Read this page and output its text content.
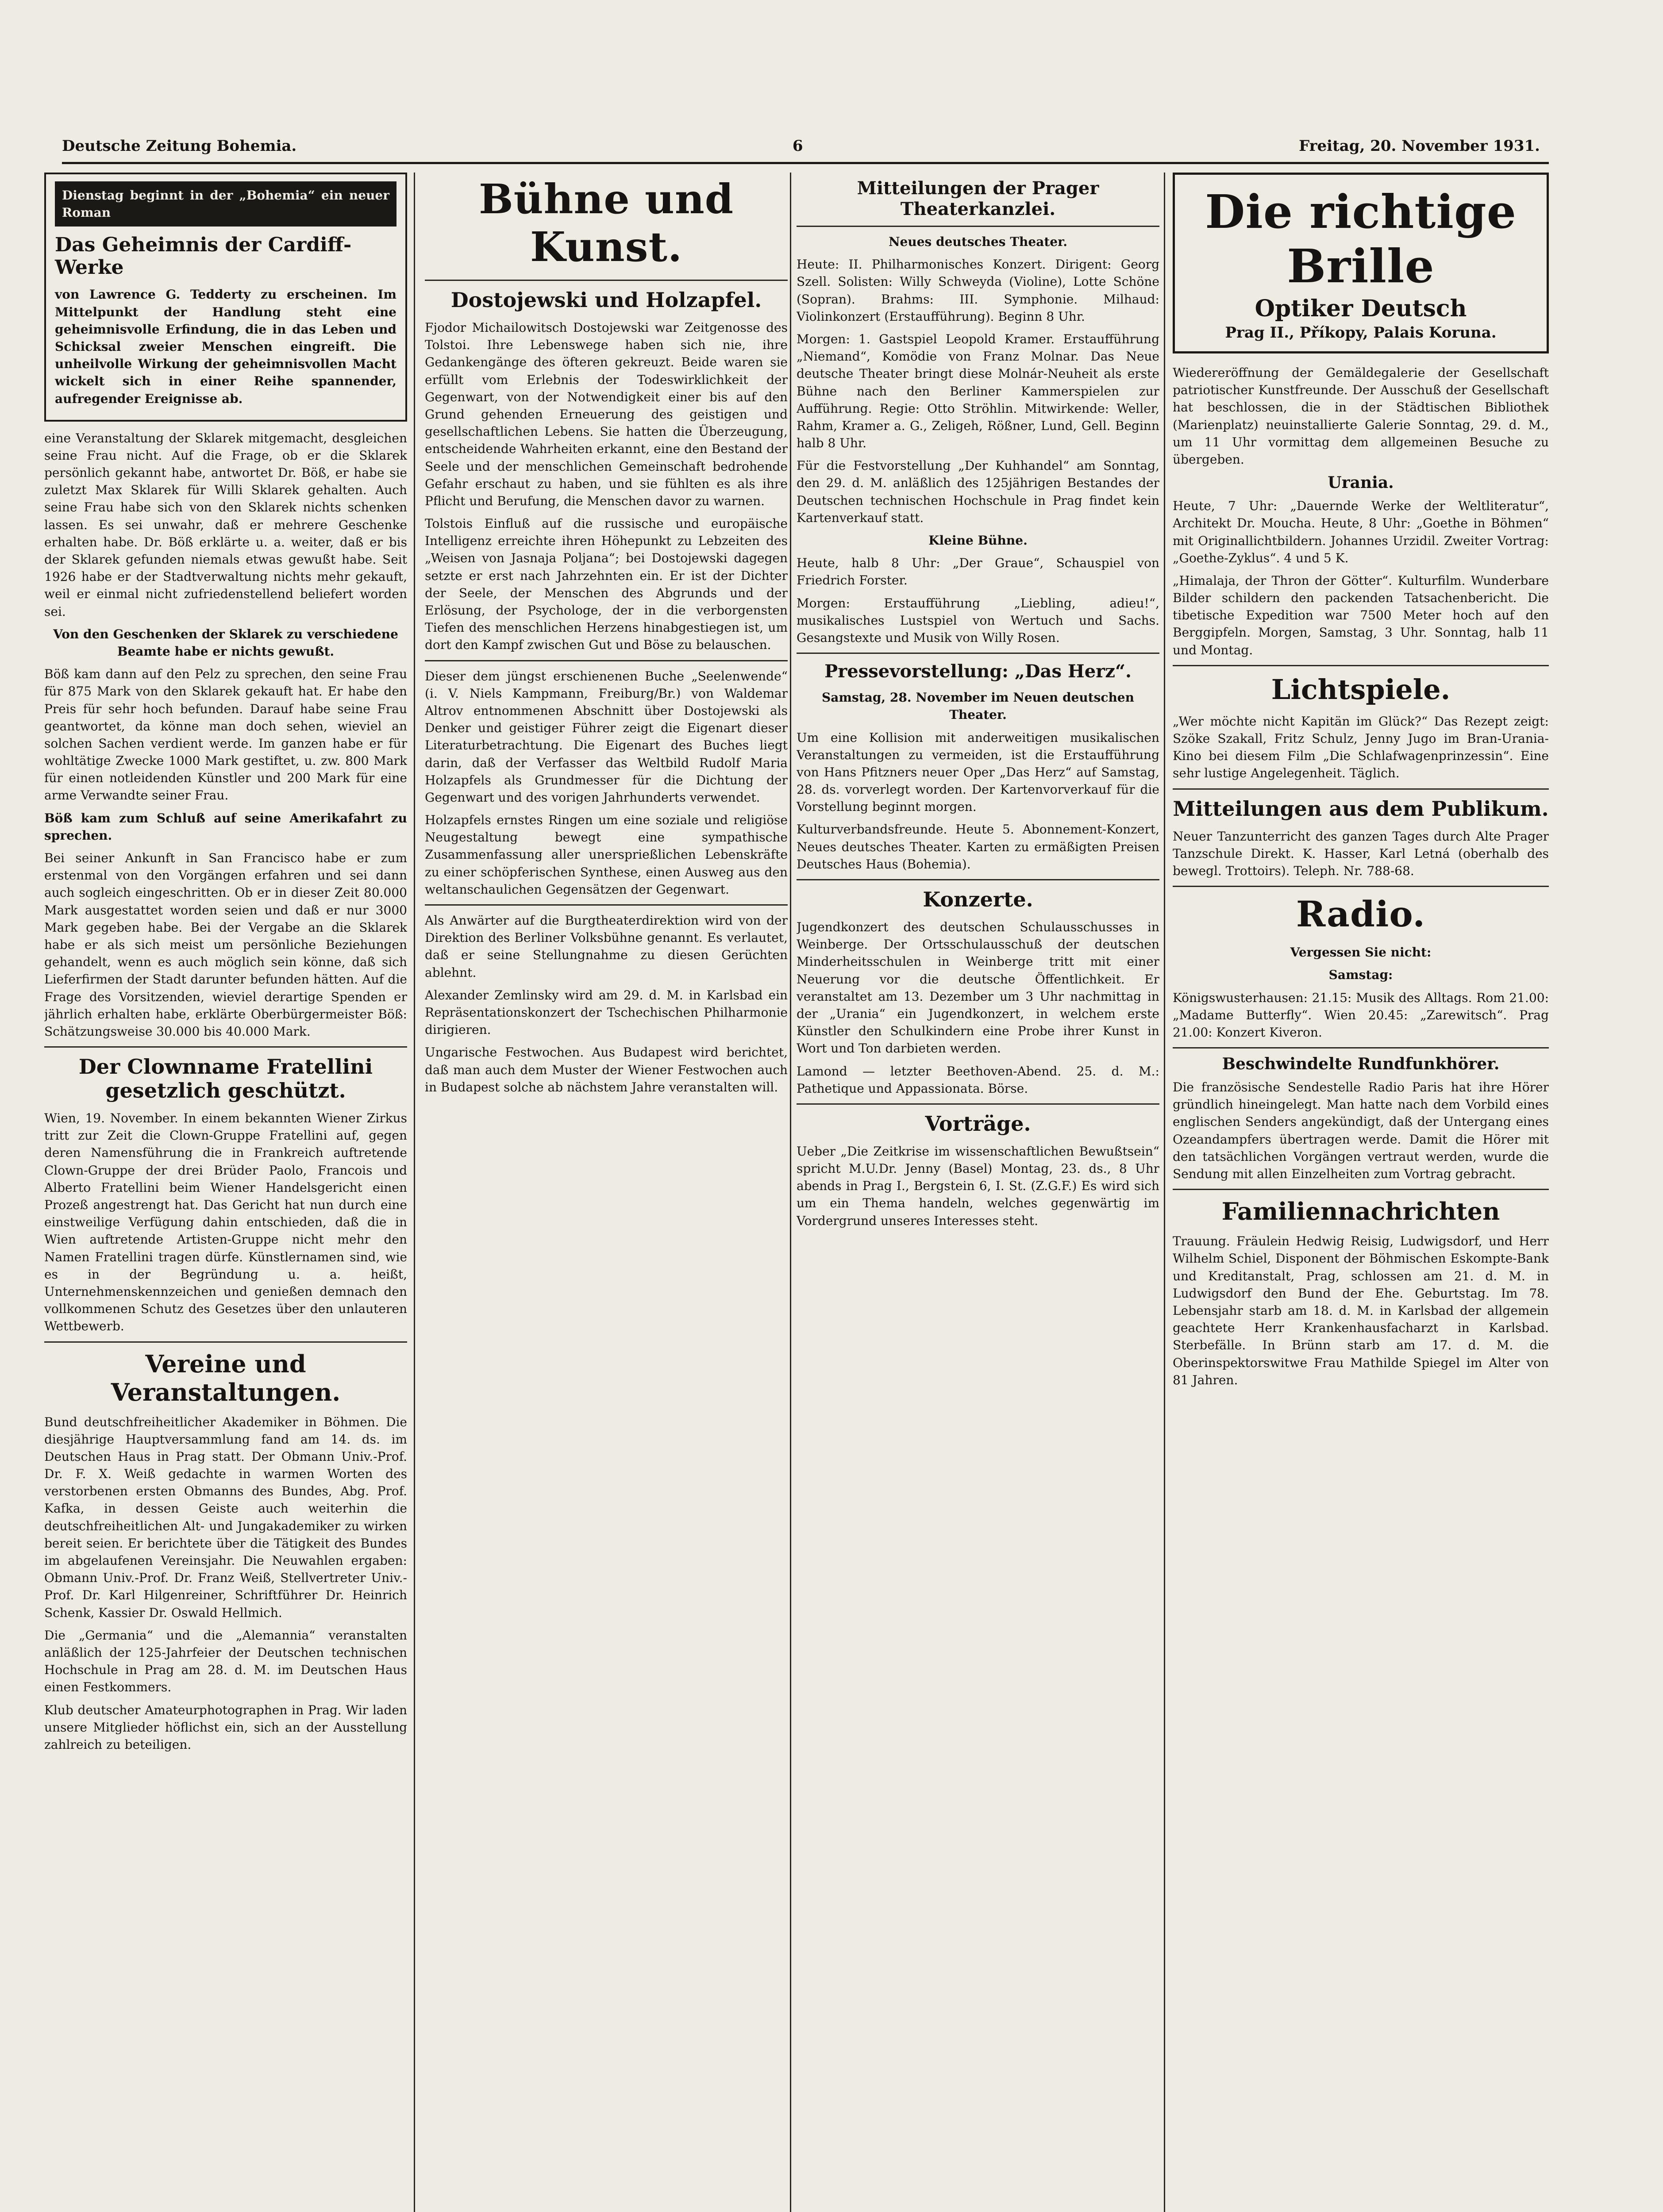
Deutsche Zeitung Bohemia.	6	Freitag, 20. November 1931.
Dienstag beginnt in der „Bohemia“ ein neuer Roman
Das Geheimnis der Cardiff-Werke

von Lawrence G. Tedderty zu erscheinen. Im Mittelpunkt der Handlung steht eine geheimnisvolle Erfindung, die in das Leben und Schicksal zweier Menschen eingreift. Die unheilvolle Wirkung der geheimnisvollen Macht wickelt sich in einer Reihe spannender, aufregender Ereignisse ab.

eine Veranstaltung der Sklarek mitgemacht, desgleichen seine Frau nicht. Auf die Frage, ob er die Sklarek persönlich gekannt habe, antwortet Dr. Böß, er habe sie zuletzt Max Sklarek für Willi Sklarek gehalten. Auch seine Frau habe sich von den Sklarek nichts schenken lassen. Es sei unwahr, daß er mehrere Geschenke erhalten habe. Dr. Böß erklärte u. a. weiter, daß er bis der Sklarek gefunden niemals etwas gewußt habe. Seit 1926 habe er der Stadtverwaltung nichts mehr gekauft, weil er einmal nicht zufriedenstellend beliefert worden sei.

Von den Geschenken der Sklarek zu verschiedene Beamte habe er nichts gewußt.

Böß kam dann auf den Pelz zu sprechen, den seine Frau für 875 Mark von den Sklarek gekauft hat. Er habe den Preis für sehr hoch befunden. Darauf habe seine Frau geantwortet, da könne man doch sehen, wieviel an solchen Sachen verdient werde. Im ganzen habe er für wohltätige Zwecke 1000 Mark gestiftet, u. zw. 800 Mark für einen notleidenden Künstler und 200 Mark für eine arme Verwandte seiner Frau.

Böß kam zum Schluß auf seine Amerikafahrt zu sprechen.

Bei seiner Ankunft in San Francisco habe er zum erstenmal von den Vorgängen erfahren und sei dann auch sogleich eingeschritten. Ob er in dieser Zeit 80.000 Mark ausgestattet worden seien und daß er nur 3000 Mark gegeben habe. Bei der Vergabe an die Sklarek habe er als sich meist um persönliche Beziehungen gehandelt, wenn es auch möglich sein könne, daß sich Lieferfirmen der Stadt darunter befunden hätten. Auf die Frage des Vorsitzenden, wieviel derartige Spenden er jährlich erhalten habe, erklärte Oberbürgermeister Böß: Schätzungsweise 30.000 bis 40.000 Mark.

Der Clownname Fratellini gesetzlich geschützt.

Wien, 19. November. In einem bekannten Wiener Zirkus tritt zur Zeit die Clown-Gruppe Fratellini auf, gegen deren Namensführung die in Frankreich auftretende Clown-Gruppe der drei Brüder Paolo, Francois und Alberto Fratellini beim Wiener Handelsgericht einen Prozeß angestrengt hat. Das Gericht hat nun durch eine einstweilige Verfügung dahin entschieden, daß die in Wien auftretende Artisten-Gruppe nicht mehr den Namen Fratellini tragen dürfe. Künstlernamen sind, wie es in der Begründung u. a. heißt, Unternehmenskennzeichen und genießen demnach den vollkommenen Schutz des Gesetzes über den unlauteren Wettbewerb.

Vereine und Veranstaltungen.

Bund deutschfreiheitlicher Akademiker in Böhmen. Die diesjährige Hauptversammlung fand am 14. ds. im Deutschen Haus in Prag statt. Der Obmann Univ.-Prof. Dr. F. X. Weiß gedachte in warmen Worten des verstorbenen ersten Obmanns des Bundes, Abg. Prof. Kafka, in dessen Geiste auch weiterhin die deutschfreiheitlichen Alt- und Jungakademiker zu wirken bereit seien. Er berichtete über die Tätigkeit des Bundes im abgelaufenen Vereinsjahr. Die Neuwahlen ergaben: Obmann Univ.-Prof. Dr. Franz Weiß, Stellvertreter Univ.-Prof. Dr. Karl Hilgenreiner, Schriftführer Dr. Heinrich Schenk, Kassier Dr. Oswald Hellmich.

Die „Germania“ und die „Alemannia“ veranstalten anläßlich der 125-Jahrfeier der Deutschen technischen Hochschule in Prag am 28. d. M. im Deutschen Haus einen Festkommers.

Klub deutscher Amateurphotographen in Prag. Wir laden unsere Mitglieder höflichst ein, sich an der Ausstellung zahlreich zu beteiligen.

Bühne und Kunst.
Dostojewski und Holzapfel.

Fjodor Michailowitsch Dostojewski war Zeitgenosse des Tolstoi. Ihre Lebenswege haben sich nie, ihre Gedankengänge des öfteren gekreuzt. Beide waren sie erfüllt vom Erlebnis der Todeswirklichkeit der Gegenwart, von der Notwendigkeit einer bis auf den Grund gehenden Erneuerung des geistigen und gesellschaftlichen Lebens. Sie hatten die Überzeugung, entscheidende Wahrheiten erkannt, eine den Bestand der Seele und der menschlichen Gemeinschaft bedrohende Gefahr erschaut zu haben, und sie fühlten es als ihre Pflicht und Berufung, die Menschen davor zu warnen.

Tolstois Einfluß auf die russische und europäische Intelligenz erreichte ihren Höhepunkt zu Lebzeiten des „Weisen von Jasnaja Poljana“; bei Dostojewski dagegen setzte er erst nach Jahrzehnten ein. Er ist der Dichter der Seele, der Menschen des Abgrunds und der Erlösung, der Psychologe, der in die verborgensten Tiefen des menschlichen Herzens hinabgestiegen ist, um dort den Kampf zwischen Gut und Böse zu belauschen.

Dieser dem jüngst erschienenen Buche „Seelenwende“ (i. V. Niels Kampmann, Freiburg/Br.) von Waldemar Altrov entnommenen Abschnitt über Dostojewski als Denker und geistiger Führer zeigt die Eigenart dieser Literaturbetrachtung. Die Eigenart des Buches liegt darin, daß der Verfasser das Weltbild Rudolf Maria Holzapfels als Grundmesser für die Dichtung der Gegenwart und des vorigen Jahrhunderts verwendet.

Holzapfels ernstes Ringen um eine soziale und religiöse Neugestaltung bewegt eine sympathische Zusammenfassung aller unersprießlichen Lebenskräfte zu einer schöpferischen Synthese, einen Ausweg aus den weltanschaulichen Gegensätzen der Gegenwart.

Als Anwärter auf die Burgtheaterdirektion wird von der Direktion des Berliner Volksbühne genannt. Es verlautet, daß er seine Stellungnahme zu diesen Gerüchten ablehnt.

Alexander Zemlinsky wird am 29. d. M. in Karlsbad ein Repräsentationskonzert der Tschechischen Philharmonie dirigieren.

Ungarische Festwochen. Aus Budapest wird berichtet, daß man auch dem Muster der Wiener Festwochen auch in Budapest solche ab nächstem Jahre veranstalten will.

Mitteilungen der Prager Theaterkanzlei.
Neues deutsches Theater.

Heute: II. Philharmonisches Konzert. Dirigent: Georg Szell. Solisten: Willy Schweyda (Violine), Lotte Schöne (Sopran). Brahms: III. Symphonie. Milhaud: Violinkonzert (Erstaufführung). Beginn 8 Uhr.

Morgen: 1. Gastspiel Leopold Kramer. Erstaufführung „Niemand“, Komödie von Franz Molnar. Das Neue deutsche Theater bringt diese Molnár-Neuheit als erste Bühne nach den Berliner Kammerspielen zur Aufführung. Regie: Otto Ströhlin. Mitwirkende: Weller, Rahm, Kramer a. G., Zeligeh, Rößner, Lund, Gell. Beginn halb 8 Uhr.

Für die Festvorstellung „Der Kuhhandel“ am Sonntag, den 29. d. M. anläßlich des 125jährigen Bestandes der Deutschen technischen Hochschule in Prag findet kein Kartenverkauf statt.

Kleine Bühne.

Heute, halb 8 Uhr: „Der Graue“, Schauspiel von Friedrich Forster.

Morgen: Erstaufführung „Liebling, adieu!“, musikalisches Lustspiel von Wertuch und Sachs. Gesangstexte und Musik von Willy Rosen.

Pressevorstellung: „Das Herz“.
Samstag, 28. November im Neuen deutschen Theater.

Um eine Kollision mit anderweitigen musikalischen Veranstaltungen zu vermeiden, ist die Erstaufführung von Hans Pfitzners neuer Oper „Das Herz“ auf Samstag, 28. ds. vorverlegt worden. Der Kartenvorverkauf für die Vorstellung beginnt morgen.

Kulturverbandsfreunde. Heute 5. Abonnement-Konzert, Neues deutsches Theater. Karten zu ermäßigten Preisen Deutsches Haus (Bohemia).

Konzerte.

Jugendkonzert des deutschen Schulausschusses in Weinberge. Der Ortsschulausschuß der deutschen Minderheitsschulen in Weinberge tritt mit einer Neuerung vor die deutsche Öffentlichkeit. Er veranstaltet am 13. Dezember um 3 Uhr nachmittag in der „Urania“ ein Jugendkonzert, in welchem erste Künstler den Schulkindern eine Probe ihrer Kunst in Wort und Ton darbieten werden.

Lamond — letzter Beethoven-Abend. 25. d. M.: Pathetique und Appassionata. Börse.

Vorträge.

Ueber „Die Zeitkrise im wissenschaftlichen Bewußtsein“ spricht M.U.Dr. Jenny (Basel) Montag, 23. ds., 8 Uhr abends in Prag I., Bergstein 6, I. St. (Z.G.F.) Es wird sich um ein Thema handeln, welches gegenwärtig im Vordergrund unseres Interesses steht.

Die richtige Brille
Optiker Deutsch
Prag II., Příkopy, Palais Koruna.

Wiedereröffnung der Gemäldegalerie der Gesellschaft patriotischer Kunstfreunde. Der Ausschuß der Gesellschaft hat beschlossen, die in der Städtischen Bibliothek (Marienplatz) neuinstallierte Galerie Sonntag, 29. d. M., um 11 Uhr vormittag dem allgemeinen Besuche zu übergeben.

Urania.

Heute, 7 Uhr: „Dauernde Werke der Weltliteratur“, Architekt Dr. Moucha. Heute, 8 Uhr: „Goethe in Böhmen“ mit Originallichtbildern. Johannes Urzidil. Zweiter Vortrag: „Goethe-Zyklus“. 4 und 5 K.

„Himalaja, der Thron der Götter“. Kulturfilm. Wunderbare Bilder schildern den packenden Tatsachenbericht. Die tibetische Expedition war 7500 Meter hoch auf den Berggipfeln. Morgen, Samstag, 3 Uhr. Sonntag, halb 11 und Montag.

Lichtspiele.

„Wer möchte nicht Kapitän im Glück?“ Das Rezept zeigt: Szöke Szakall, Fritz Schulz, Jenny Jugo im Bran-Urania-Kino bei diesem Film „Die Schlafwagenprinzessin“. Eine sehr lustige Angelegenheit. Täglich.

Mitteilungen aus dem Publikum.

Neuer Tanzunterricht des ganzen Tages durch Alte Prager Tanzschule Direkt. K. Hasser, Karl Letná (oberhalb des bewegl. Trottoirs). Teleph. Nr. 788-68.

Radio.
Vergessen Sie nicht:
Samstag:

Königswusterhausen: 21.15: Musik des Alltags. Rom 21.00: „Madame Butterfly“. Wien 20.45: „Zarewitsch“. Prag 21.00: Konzert Kiveron.

Beschwindelte Rundfunkhörer.

Die französische Sendestelle Radio Paris hat ihre Hörer gründlich hineingelegt. Man hatte nach dem Vorbild eines englischen Senders angekündigt, daß der Untergang eines Ozeandampfers übertragen werde. Damit die Hörer mit den tatsächlichen Vorgängen vertraut werden, wurde die Sendung mit allen Einzelheiten zum Vortrag gebracht.

Familiennachrichten

Trauung. Fräulein Hedwig Reisig, Ludwigsdorf, und Herr Wilhelm Schiel, Disponent der Böhmischen Eskompte-Bank und Kreditanstalt, Prag, schlossen am 21. d. M. in Ludwigsdorf den Bund der Ehe. Geburtstag. Im 78. Lebensjahr starb am 18. d. M. in Karlsbad der allgemein geachtete Herr Krankenhausfacharzt in Karlsbad. Sterbefälle. In Brünn starb am 17. d. M. die Oberinspektorswitwe Frau Mathilde Spiegel im Alter von 81 Jahren.
